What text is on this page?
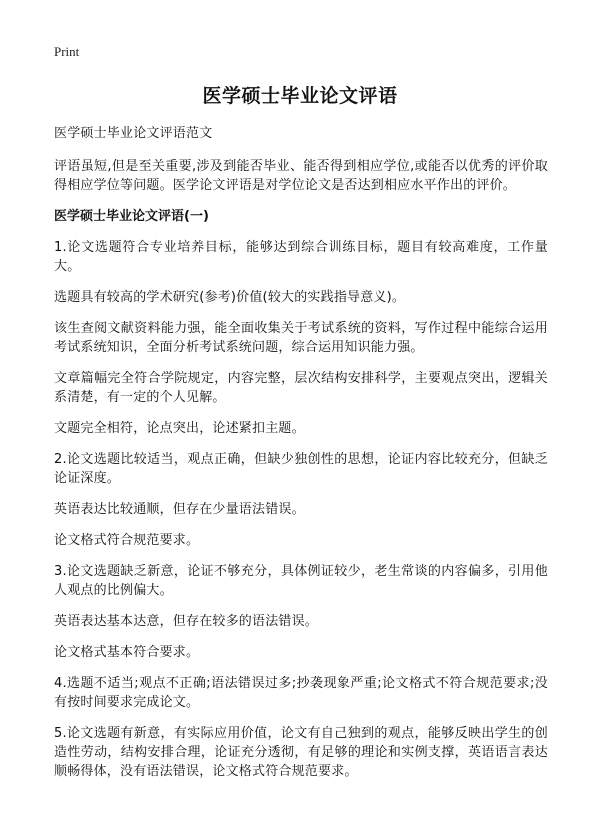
Print
医学硕士毕业论文评语
医学硕士毕业论文评语范文
评语虽短,但是至关重要,涉及到能否毕业、能否得到相应学位,或能否以优秀的评价取得相应学位等问题。医学论文评语是对学位论文是否达到相应水平作出的评价。
医学硕士毕业论文评语(一)
1.论文选题符合专业培养目标，能够达到综合训练目标，题目有较高难度，工作量大。
选题具有较高的学术研究(参考)价值(较大的实践指导意义)。
该生查阅文献资料能力强，能全面收集关于考试系统的资料，写作过程中能综合运用考试系统知识，全面分析考试系统问题，综合运用知识能力强。
文章篇幅完全符合学院规定，内容完整，层次结构安排科学，主要观点突出，逻辑关系清楚，有一定的个人见解。
文题完全相符，论点突出，论述紧扣主题。
2.论文选题比较适当，观点正确，但缺少独创性的思想，论证内容比较充分，但缺乏论证深度。
英语表达比较通顺，但存在少量语法错误。
论文格式符合规范要求。
3.论文选题缺乏新意，论证不够充分，具体例证较少，老生常谈的内容偏多，引用他人观点的比例偏大。
英语表达基本达意，但存在较多的语法错误。
论文格式基本符合要求。
4.选题不适当;观点不正确;语法错误过多;抄袭现象严重;论文格式不符合规范要求;没有按时间要求完成论文。
5.论文选题有新意，有实际应用价值，论文有自己独到的观点，能够反映出学生的创造性劳动，结构安排合理，论证充分透彻，有足够的理论和实例支撑，英语语言表达顺畅得体，没有语法错误，论文格式符合规范要求。
